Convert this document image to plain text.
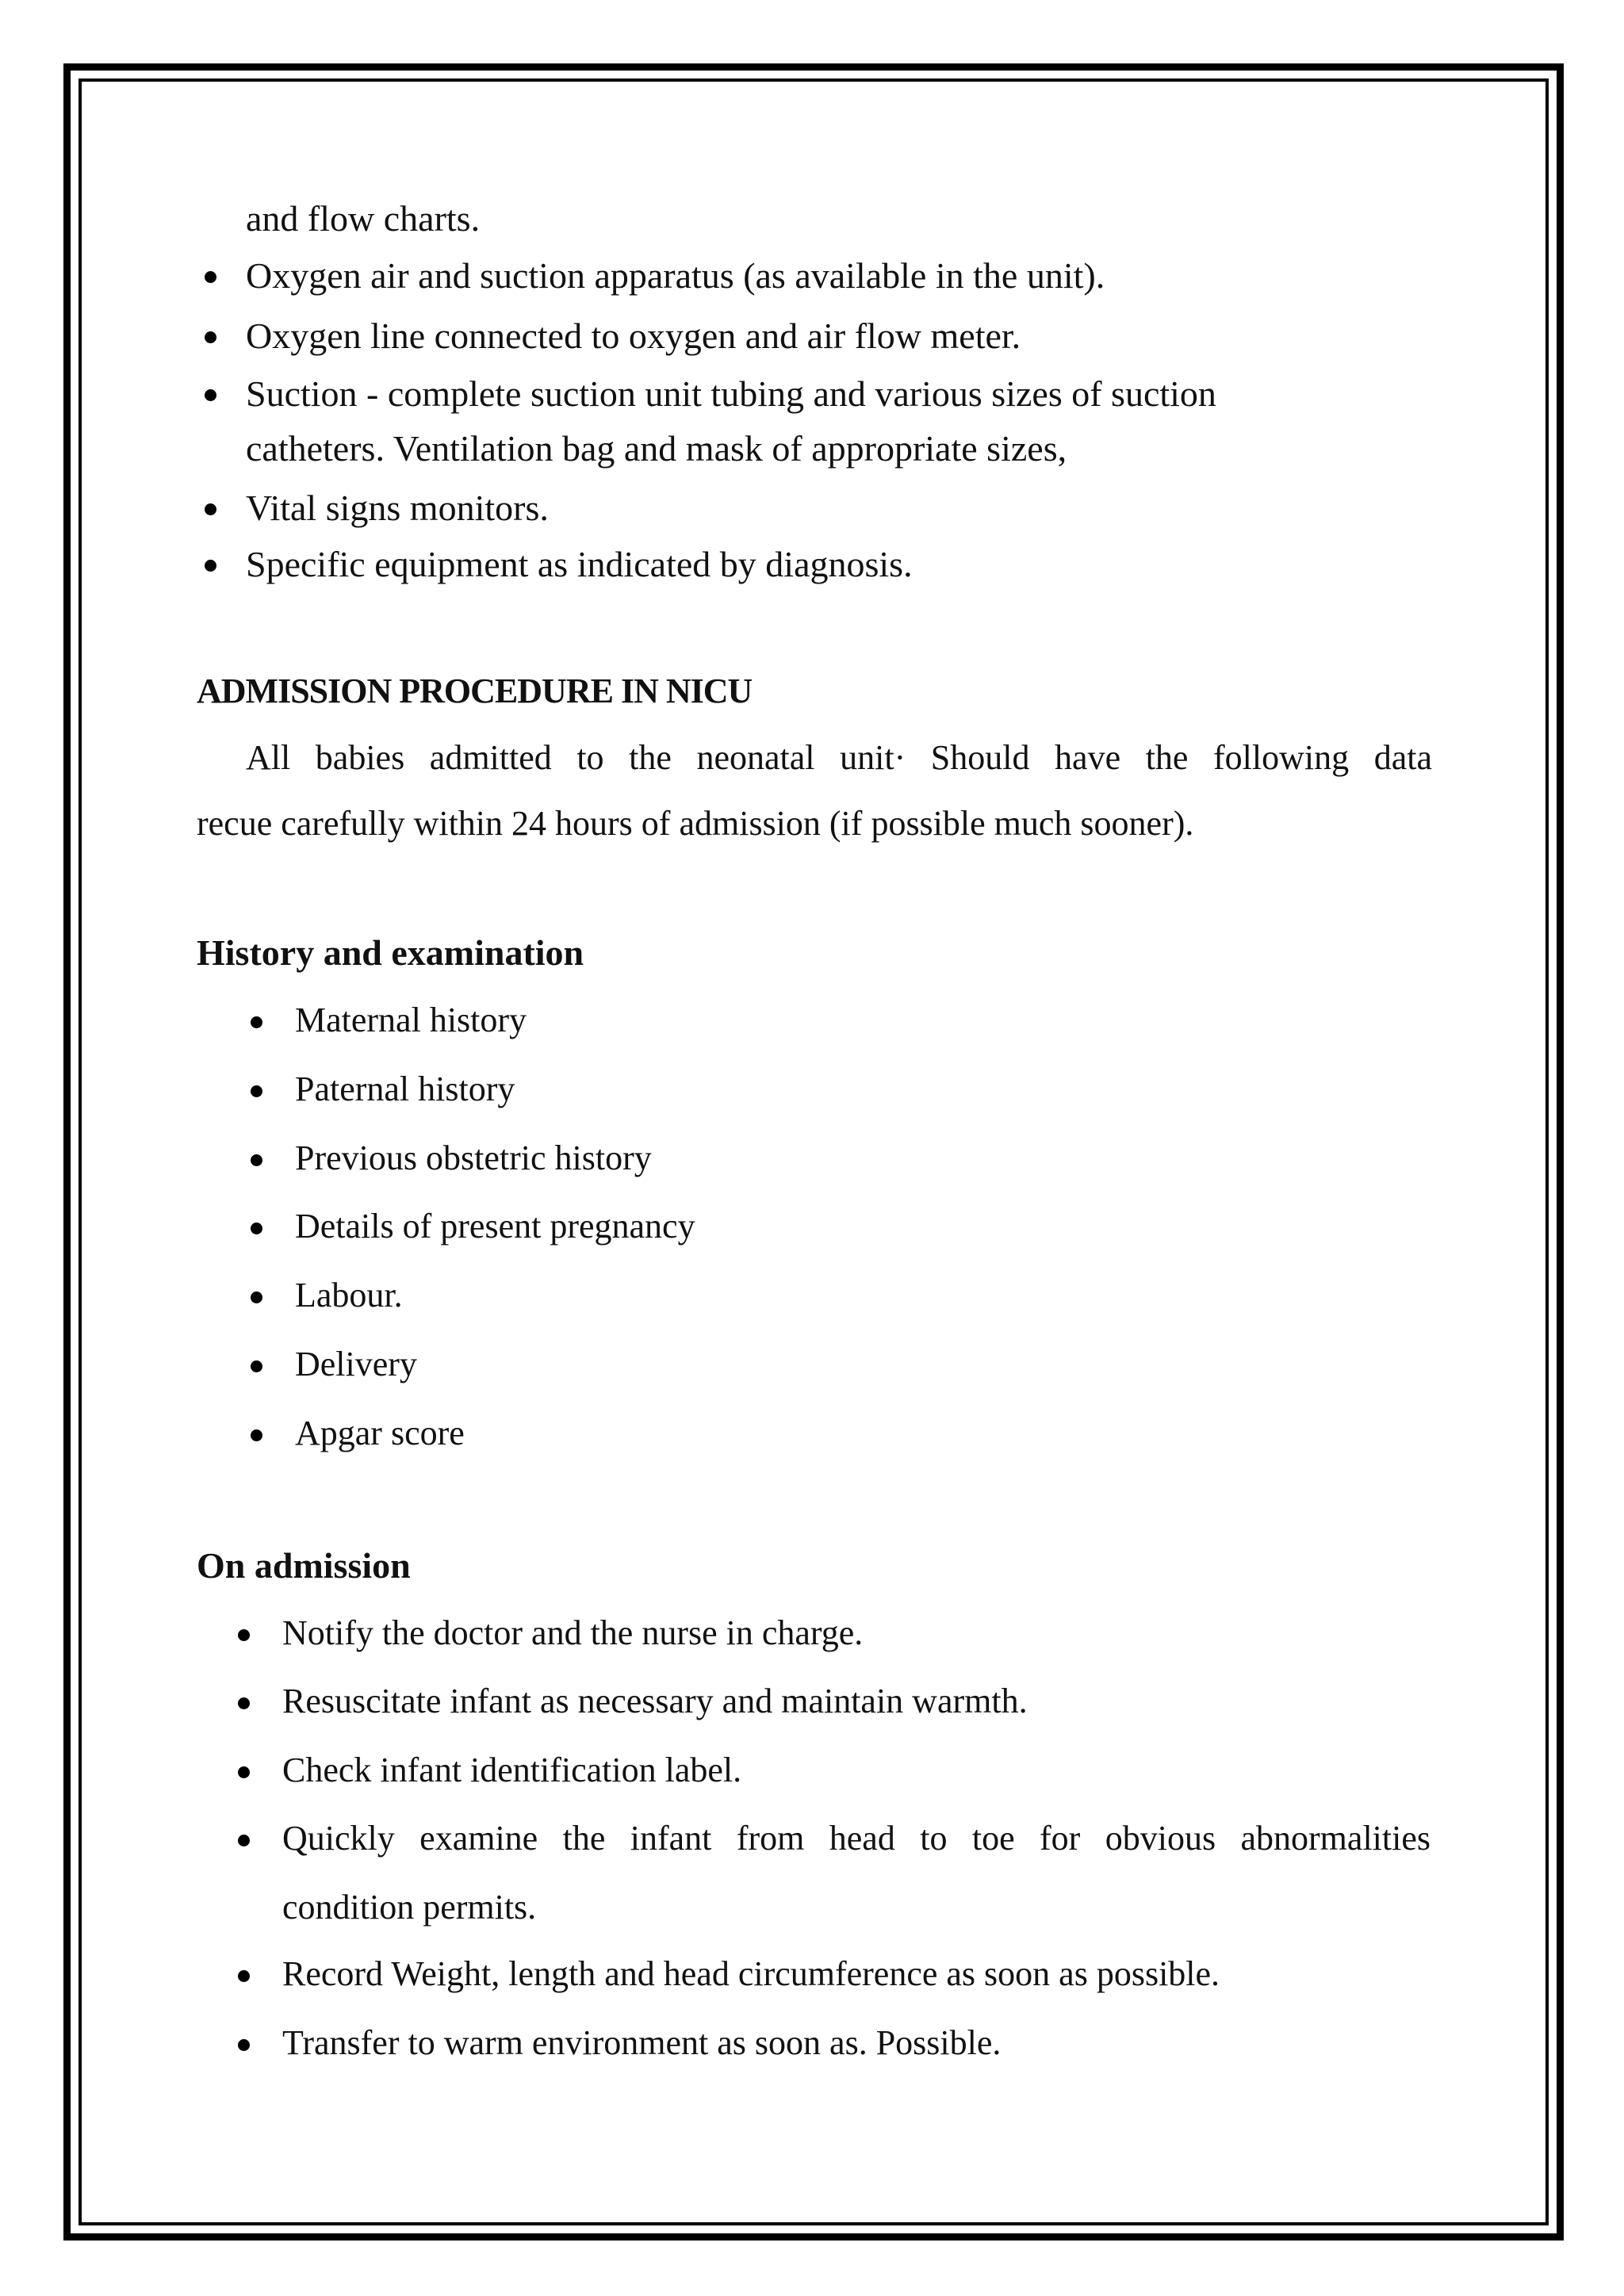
and flow charts.
Oxygen air and suction apparatus (as available in the unit).
Oxygen line connected to oxygen and air flow meter.
Suction - complete suction unit tubing and various sizes of suction
catheters. Ventilation bag and mask of appropriate sizes,
Vital signs monitors.
Specific equipment as indicated by diagnosis.
ADMISSION PROCEDURE IN NICU
All babies admitted to the neonatal unit· Should have the following data
recue carefully within 24 hours of admission (if possible much sooner).
History and examination
Maternal history
Paternal history
Previous obstetric history
Details of present pregnancy
Labour.
Delivery
Apgar score
On admission
Notify the doctor and the nurse in charge.
Resuscitate infant as necessary and maintain warmth.
Check infant identification label.
Quickly examine the infant from head to toe for obvious abnormalities
condition permits.
Record Weight, length and head circumference as soon as possible.
Transfer to warm environment as soon as. Possible.
